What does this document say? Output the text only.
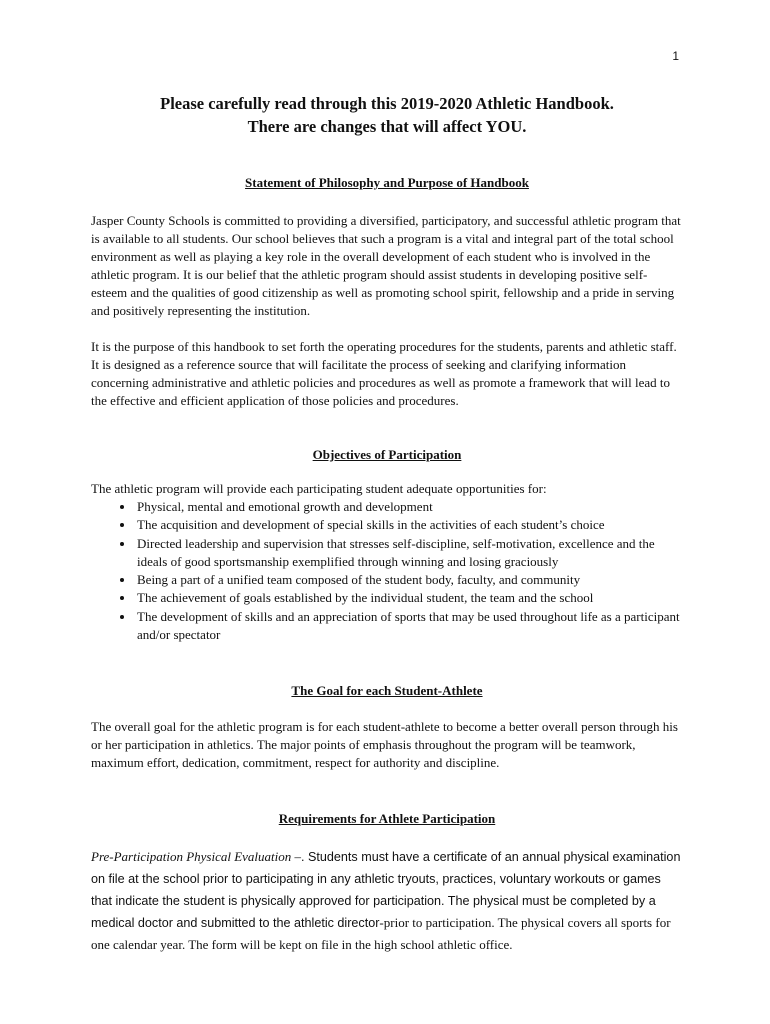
1
Please carefully read through this 2019-2020 Athletic Handbook.
There are changes that will affect YOU.
Statement of Philosophy and Purpose of Handbook

Jasper County Schools is committed to providing a diversified, participatory, and successful athletic program that is available to all students. Our school believes that such a program is a vital and integral part of the total school environment as well as playing a key role in the overall development of each student who is involved in the athletic program. It is our belief that the athletic program should assist students in developing positive self-esteem and the qualities of good citizenship as well as promoting school spirit, fellowship and a pride in serving and positively representing the institution.

It is the purpose of this handbook to set forth the operating procedures for the students, parents and athletic staff. It is designed as a reference source that will facilitate the process of seeking and clarifying information concerning administrative and athletic policies and procedures as well as promote a framework that will lead to the effective and efficient application of those policies and procedures.

Objectives of Participation

The athletic program will provide each participating student adequate opportunities for:

• Physical, mental and emotional growth and development
• The acquisition and development of special skills in the activities of each student’s choice
• Directed leadership and supervision that stresses self-discipline, self-motivation, excellence and the ideals of good sportsmanship exemplified through winning and losing graciously
• Being a part of a unified team composed of the student body, faculty, and community
• The achievement of goals established by the individual student, the team and the school
• The development of skills and an appreciation of sports that may be used throughout life as a participant and/or spectator
The Goal for each Student-Athlete

The overall goal for the athletic program is for each student-athlete to become a better overall person through his or her participation in athletics. The major points of emphasis throughout the program will be teamwork, maximum effort, dedication, commitment, respect for authority and discipline.

Requirements for Athlete Participation

Pre-Participation Physical Evaluation –. Students must have a certificate of an annual physical examination on file at the school prior to participating in any athletic tryouts, practices, voluntary workouts or games that indicate the student is physically approved for participation. The physical must be completed by a medical doctor and submitted to the athletic director-prior to participation. The physical covers all sports for one calendar year. The form will be kept on file in the high school athletic office.
